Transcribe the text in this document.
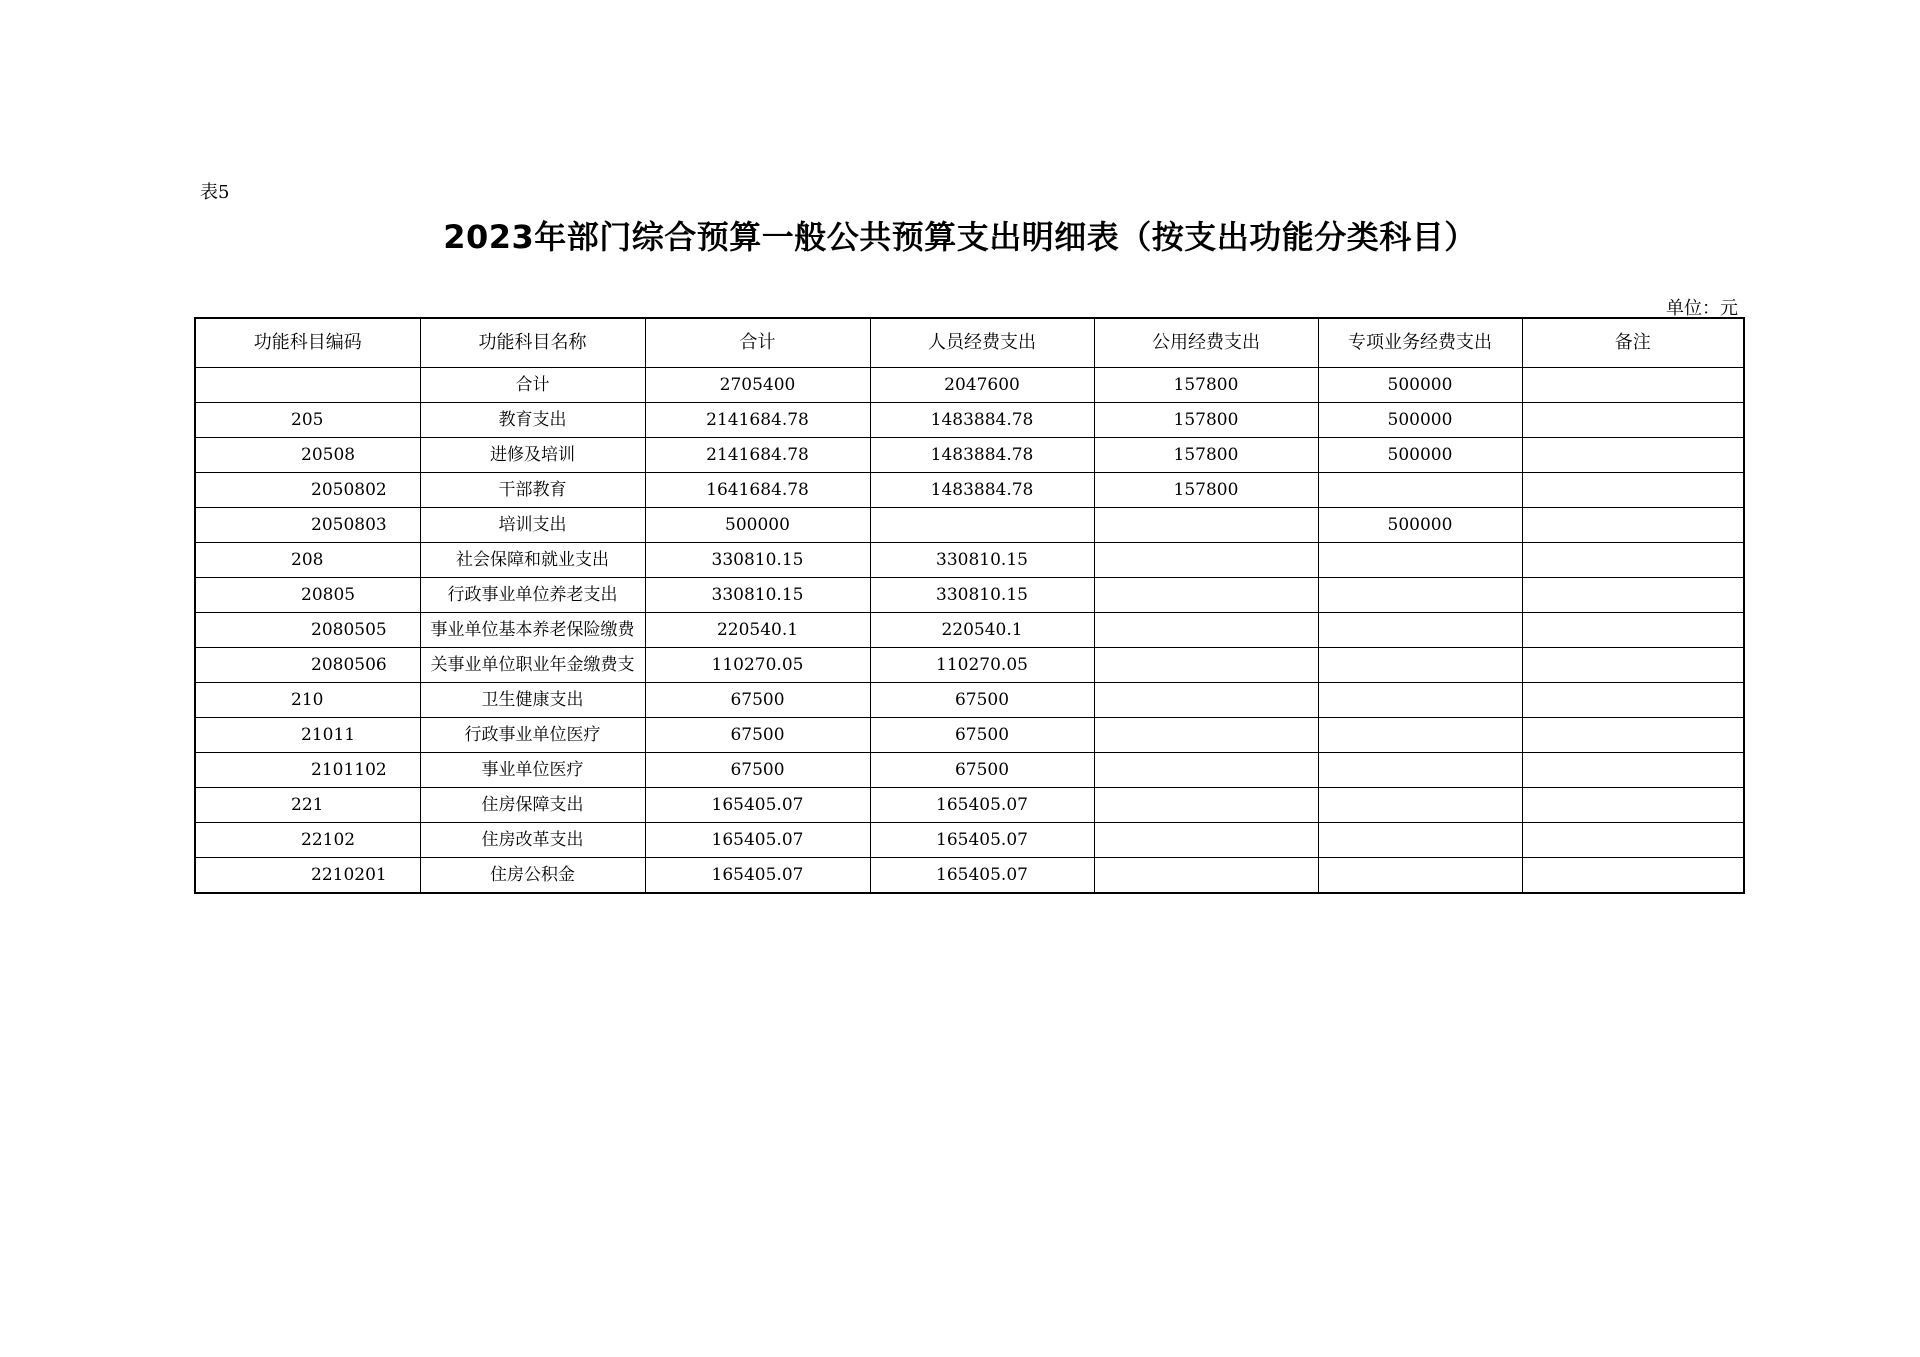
表5
2023年部门综合预算一般公共预算支出明细表（按支出功能分类科目）
单位：元
功能科目编码	功能科目名称	合计	人员经费支出	公用经费支出	专项业务经费支出	备注
	合计	2705400	2047600	157800	500000	
205	教育支出	2141684.78	1483884.78	157800	500000	
20508	进修及培训	2141684.78	1483884.78	157800	500000	
2050802	干部教育	1641684.78	1483884.78	157800		
2050803	培训支出	500000			500000	
208	社会保障和就业支出	330810.15	330810.15			
20805	行政事业单位养老支出	330810.15	330810.15			
2080505	事业单位基本养老保险缴费	220540.1	220540.1			
2080506	关事业单位职业年金缴费支	110270.05	110270.05			
210	卫生健康支出	67500	67500			
21011	行政事业单位医疗	67500	67500			
2101102	事业单位医疗	67500	67500			
221	住房保障支出	165405.07	165405.07			
22102	住房改革支出	165405.07	165405.07			
2210201	住房公积金	165405.07	165405.07			
